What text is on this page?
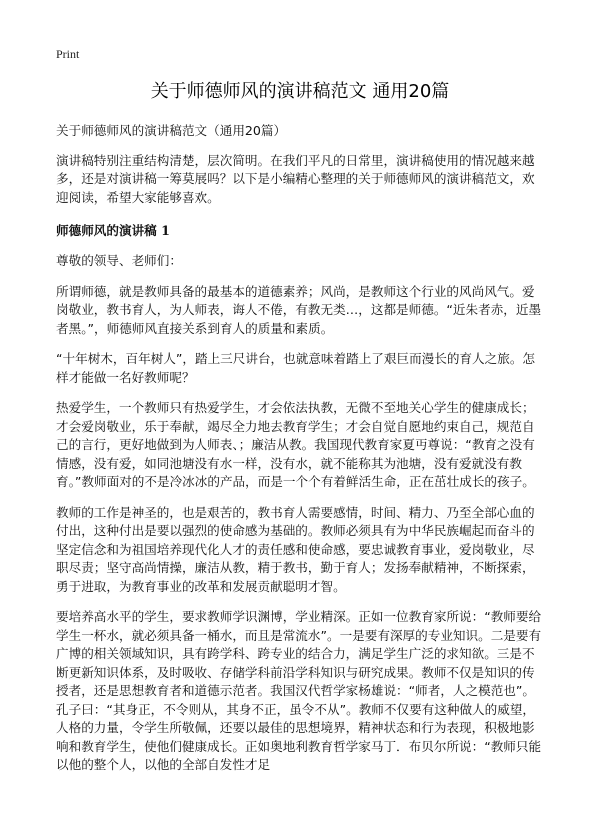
Print
关于师德师风的演讲稿范文 通用20篇

关于师德师风的演讲稿范文（通用20篇）

演讲稿特别注重结构清楚，层次简明。在我们平凡的日常里，演讲稿使用的情况越来越多，还是对演讲稿一筹莫展吗？以下是小编精心整理的关于师德师风的演讲稿范文，欢迎阅读，希望大家能够喜欢。

师德师风的演讲稿 1

尊敬的领导、老师们：

所谓师德，就是教师具备的最基本的道德素养；风尚，是教师这个行业的风尚风气。爱岗敬业，教书育人，为人师表，诲人不倦，有教无类…，这都是师德。“近朱者赤，近墨者黑。”，师德师风直接关系到育人的质量和素质。

“十年树木，百年树人”，踏上三尺讲台，也就意味着踏上了艰巨而漫长的育人之旅。怎样才能做一名好教师呢？

热爱学生，一个教师只有热爱学生，才会依法执教，无微不至地关心学生的健康成长；才会爱岗敬业，乐于奉献，竭尽全力地去教育学生；才会自觉自愿地约束自己，规范自己的言行，更好地做到为人师表、；廉洁从教。我国现代教育家夏丏尊说：“教育之没有情感，没有爱，如同池塘没有水一样，没有水，就不能称其为池塘，没有爱就没有教育。”教师面对的不是冷冰冰的产品，而是一个个有着鲜活生命，正在茁壮成长的孩子。

教师的工作是神圣的，也是艰苦的，教书育人需要感情，时间、精力、乃至全部心血的付出，这种付出是要以强烈的使命感为基础的。教师必须具有为中华民族崛起而奋斗的坚定信念和为祖国培养现代化人才的责任感和使命感，要忠诚教育事业，爱岗敬业，尽职尽责；坚守高尚情操，廉洁从教，精于教书，勤于育人；发扬奉献精神，不断探索，勇于进取，为教育事业的改革和发展贡献聪明才智。

要培养高水平的学生，要求教师学识渊博，学业精深。正如一位教育家所说：“教师要给学生一杯水，就必须具备一桶水，而且是常流水”。一是要有深厚的专业知识。二是要有广博的相关领域知识，具有跨学科、跨专业的结合力，满足学生广泛的求知欲。三是不断更新知识体系，及时吸收、存储学科前沿学科知识与研究成果。教师不仅是知识的传授者，还是思想教育者和道德示范者。我国汉代哲学家杨雄说：“师者，人之模范也”。孔子曰：“其身正，不令则从，其身不正，虽令不从”。教师不仅要有这种做人的威望，人格的力量，令学生所敬佩，还要以最佳的思想境界，精神状态和行为表现，积极地影响和教育学生，使他们健康成长。正如奥地利教育哲学家马丁．布贝尔所说：“教师只能以他的整个人，以他的全部自发性才足
